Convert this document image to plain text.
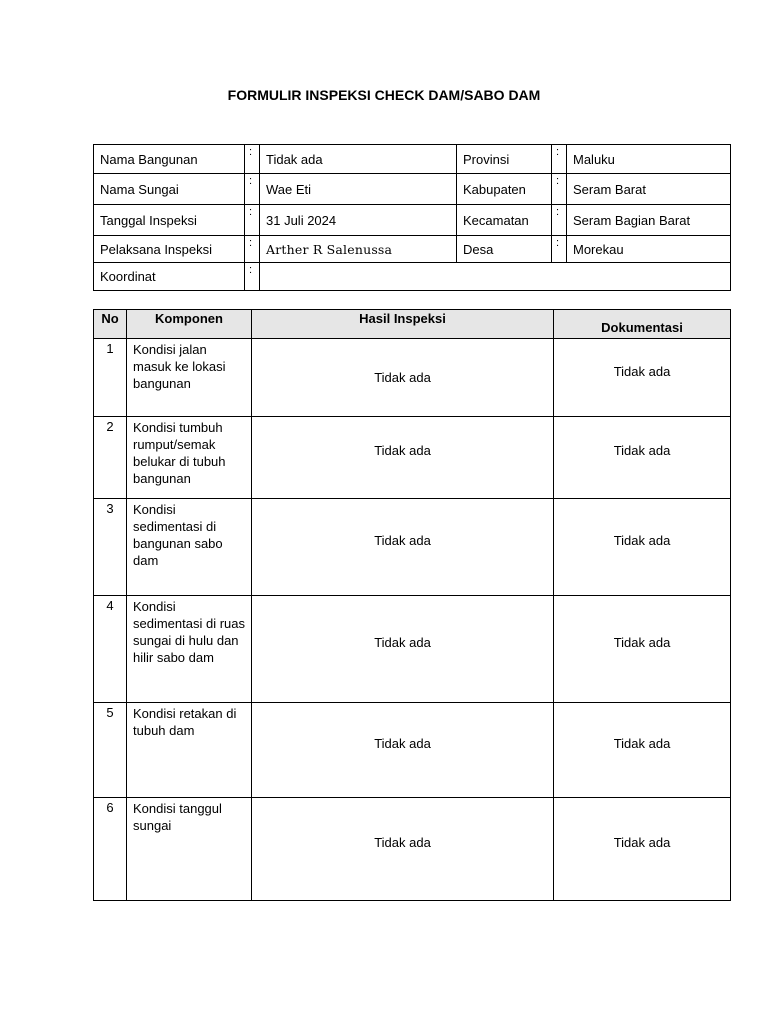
FORMULIR INSPEKSI CHECK DAM/SABO DAM
Nama Bangunan	:	Tidak ada	Provinsi	:	Maluku
Nama Sungai	:	Wae Eti	Kabupaten	:	Seram Barat
Tanggal Inspeksi	:	31 Juli 2024	Kecamatan	:	Seram Bagian Barat
Pelaksana Inspeksi	:	Arther R Salenussa	Desa	:	Morekau
Koordinat	:				
No	Komponen	Hasil Inspeksi	Dokumentasi
1	Kondisi jalan masuk ke lokasi bangunan	Tidak ada	Tidak ada
2	Kondisi tumbuh rumput/semak belukar di tubuh bangunan	Tidak ada	Tidak ada
3	Kondisi sedimentasi di bangunan sabo dam	Tidak ada	Tidak ada
4	Kondisi sedimentasi di ruas sungai di hulu dan hilir sabo dam	Tidak ada	Tidak ada
5	Kondisi retakan di tubuh dam	Tidak ada	Tidak ada
6	Kondisi tanggul sungai	Tidak ada	Tidak ada
